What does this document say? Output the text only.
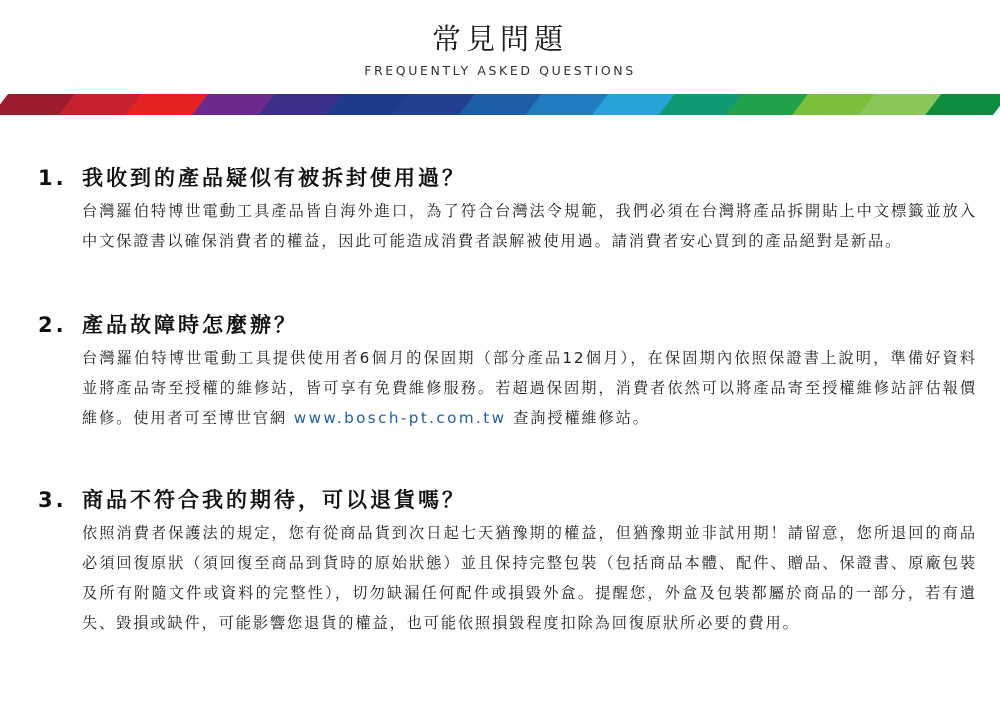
常見問題
FREQUENTLY ASKED QUESTIONS
1. 我收到的產品疑似有被拆封使用過？
台灣羅伯特博世電動工具產品皆自海外進口，為了符合台灣法令規範，我們必須在台灣將產品拆開貼上中文標籤並放入中文保證書以確保消費者的權益，因此可能造成消費者誤解被使用過。請消費者安心買到的產品絕對是新品。
2. 產品故障時怎麼辦？
台灣羅伯特博世電動工具提供使用者6個月的保固期（部分產品12個月），在保固期內依照保證書上說明，準備好資料並將產品寄至授權的維修站，皆可享有免費維修服務。若超過保固期，消費者依然可以將產品寄至授權維修站評估報價維修。使用者可至博世官網 www.bosch-pt.com.tw 查詢授權維修站。
3. 商品不符合我的期待，可以退貨嗎？
依照消費者保護法的規定，您有從商品貨到次日起七天猶豫期的權益，但猶豫期並非試用期！請留意，您所退回的商品必須回復原狀（須回復至商品到貨時的原始狀態）並且保持完整包裝（包括商品本體、配件、贈品、保證書、原廠包裝及所有附隨文件或資料的完整性），切勿缺漏任何配件或損毀外盒。提醒您，外盒及包裝都屬於商品的一部分，若有遺失、毀損或缺件，可能影響您退貨的權益，也可能依照損毀程度扣除為回復原狀所必要的費用。
